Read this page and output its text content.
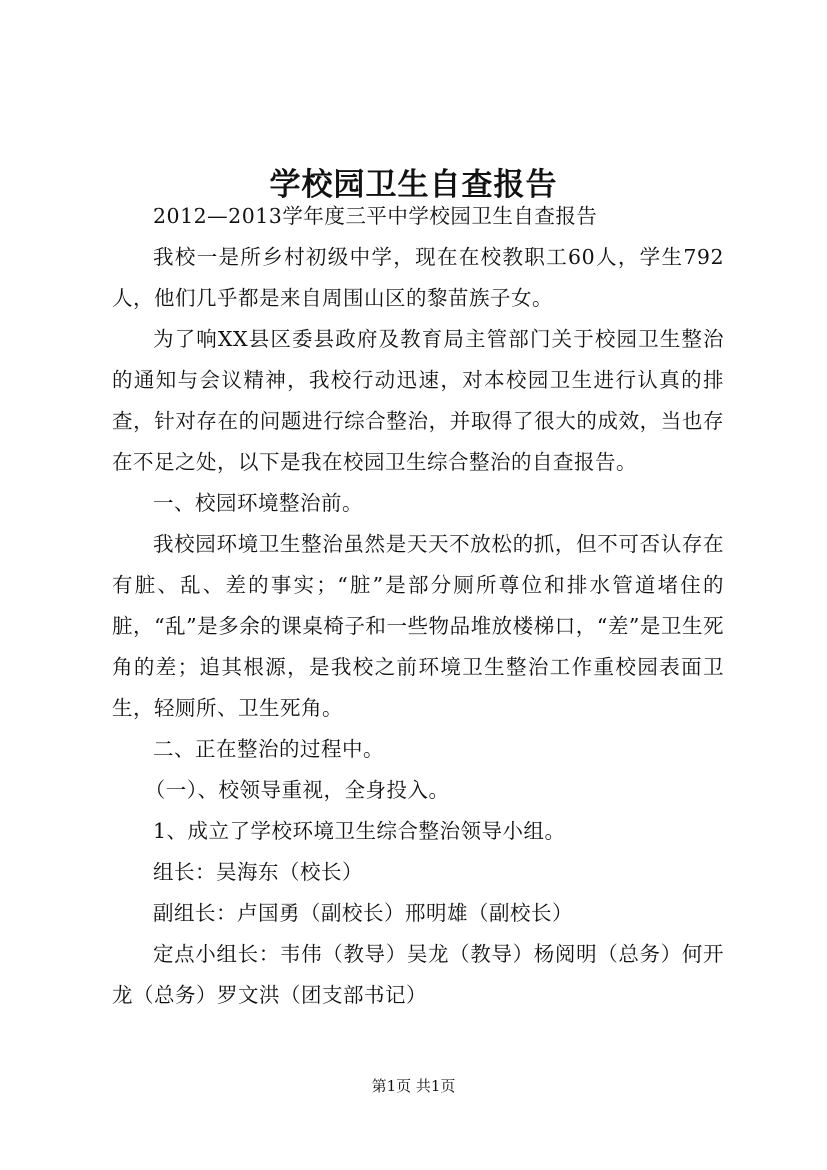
学校园卫生自查报告

2012—2013学年度三平中学校园卫生自查报告

我校一是所乡村初级中学，现在在校教职工60人，学生792人，他们几乎都是来自周围山区的黎苗族子女。

为了响XX县区委县政府及教育局主管部门关于校园卫生整治的通知与会议精神，我校行动迅速，对本校园卫生进行认真的排查，针对存在的问题进行综合整治，并取得了很大的成效，当也存在不足之处，以下是我在校园卫生综合整治的自查报告。

一、校园环境整治前。

我校园环境卫生整治虽然是天天不放松的抓，但不可否认存在有脏、乱、差的事实；“脏”是部分厕所尊位和排水管道堵住的脏，“乱”是多余的课桌椅子和一些物品堆放楼梯口，“差”是卫生死角的差；追其根源，是我校之前环境卫生整治工作重校园表面卫生，轻厕所、卫生死角。

二、正在整治的过程中。

（一）、校领导重视，全身投入。

1、成立了学校环境卫生综合整治领导小组。

组长：吴海东（校长）

副组长：卢国勇（副校长）邢明雄（副校长）

定点小组长：韦伟（教导）吴龙（教导）杨阅明（总务）何开龙（总务）罗文洪（团支部书记）

第1页 共1页
